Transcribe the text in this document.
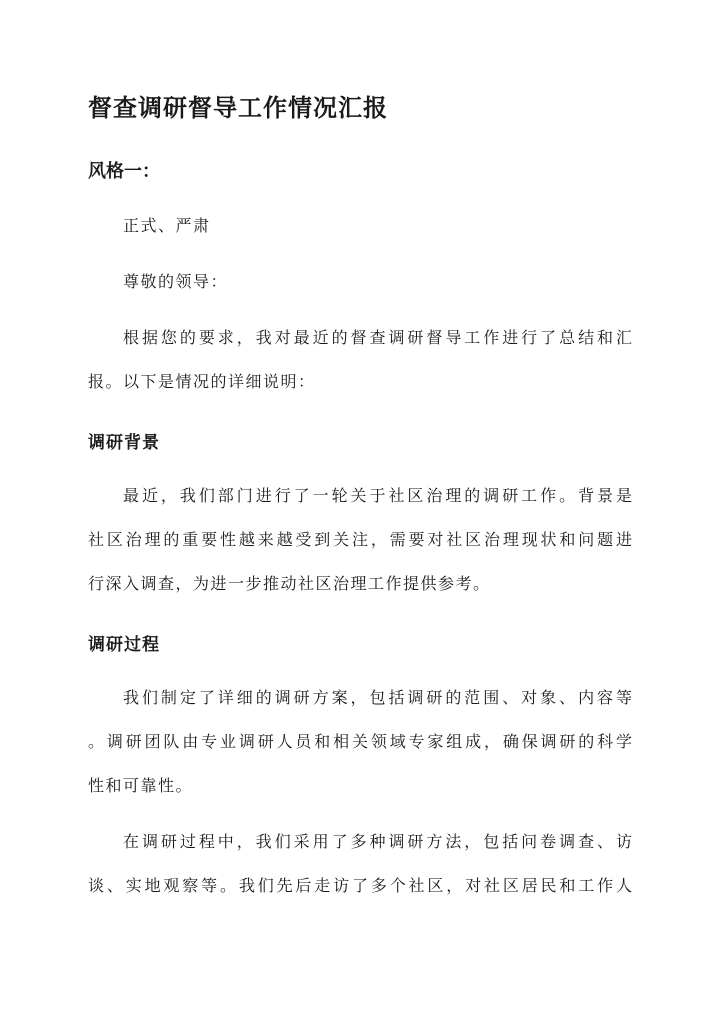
督查调研督导工作情况汇报
风格一：
正式、严肃
尊敬的领导：
根据您的要求，我对最近的督查调研督导工作进行了总结和汇
报。以下是情况的详细说明：
调研背景
最近，我们部门进行了一轮关于社区治理的调研工作。背景是
社区治理的重要性越来越受到关注，需要对社区治理现状和问题进
行深入调查，为进一步推动社区治理工作提供参考。
调研过程
我们制定了详细的调研方案，包括调研的范围、对象、内容等
。调研团队由专业调研人员和相关领域专家组成，确保调研的科学
性和可靠性。
在调研过程中，我们采用了多种调研方法，包括问卷调查、访
谈、实地观察等。我们先后走访了多个社区，对社区居民和工作人
